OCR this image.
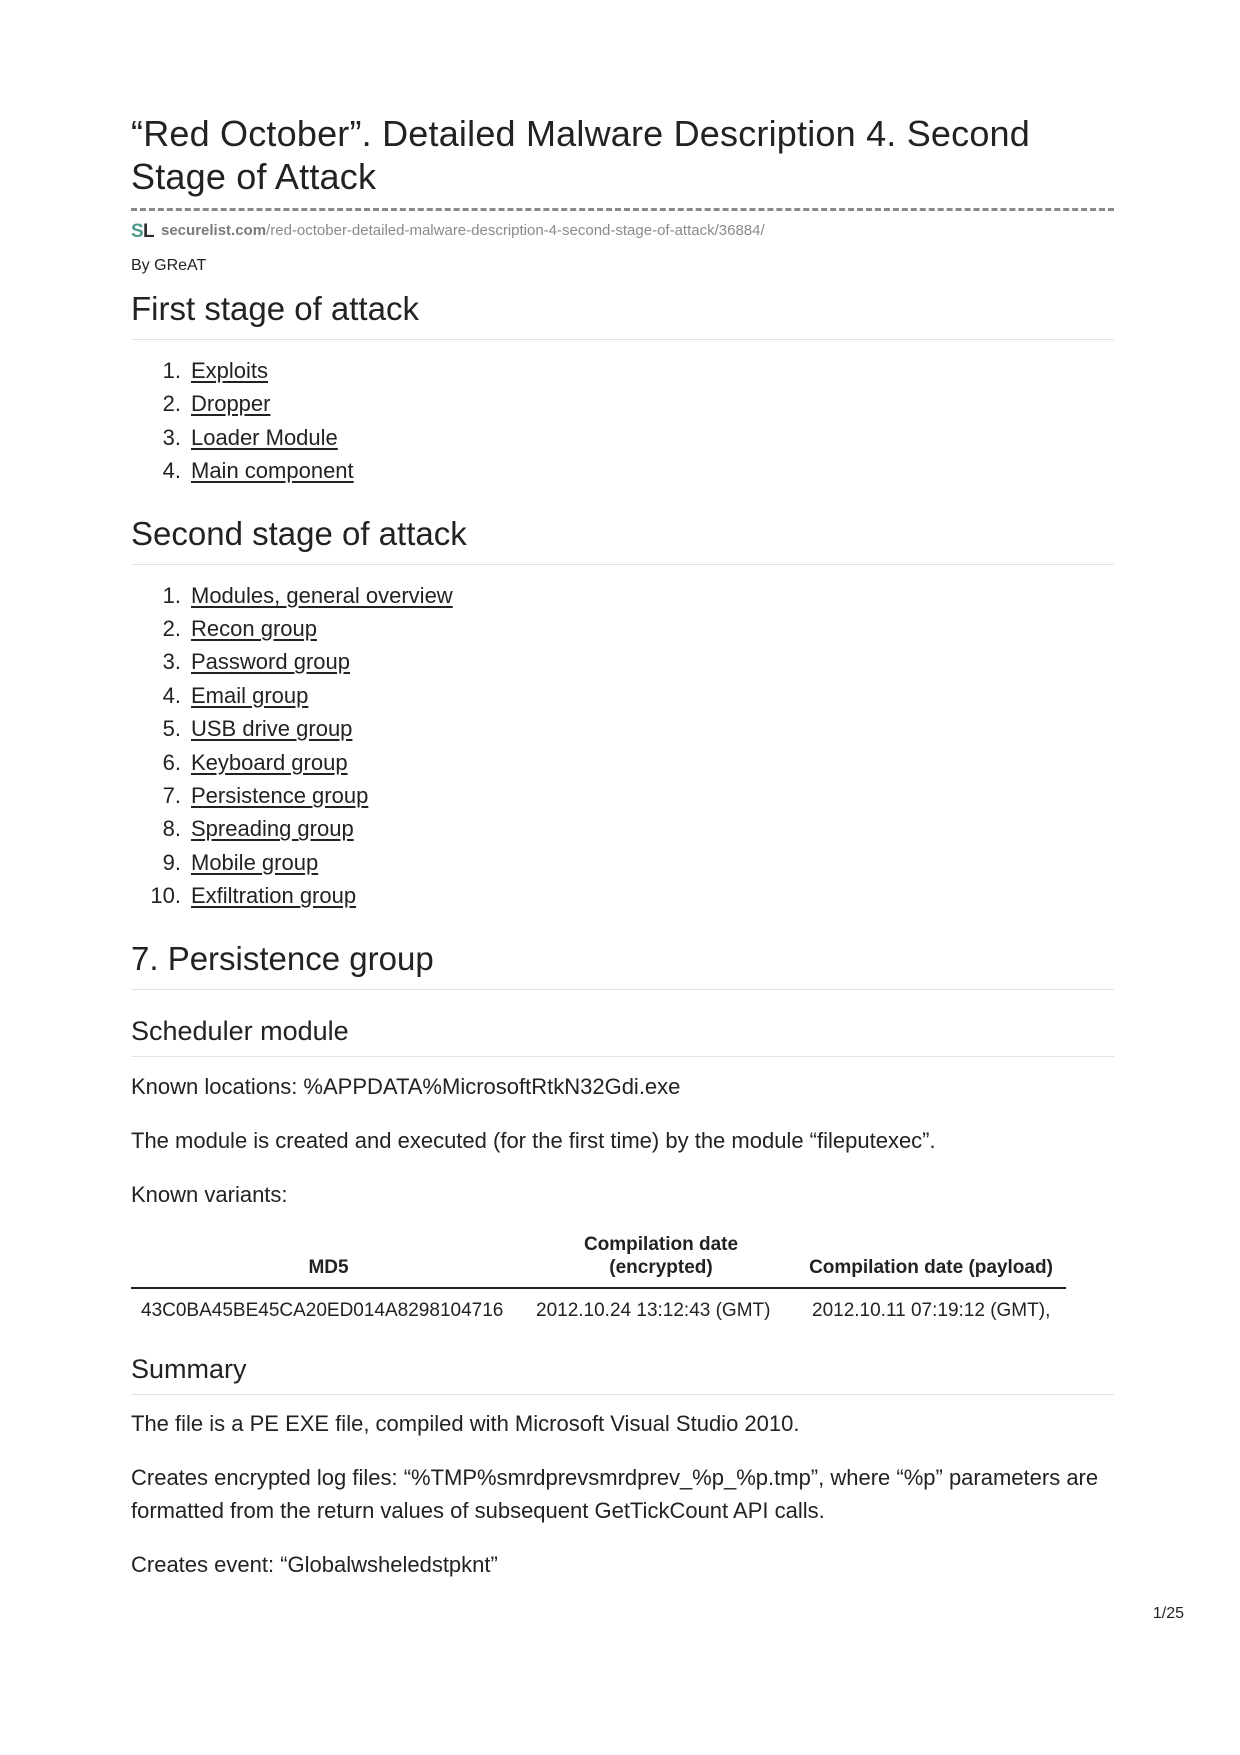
“Red October”. Detailed Malware Description 4. Second Stage of Attack
S L securelist.com /red-october-detailed-malware-description-4-second-stage-of-attack/36884/
By GReAT
First stage of attack
1. Exploits
2. Dropper
3. Loader Module
4. Main component
Second stage of attack
1. Modules, general overview
2. Recon group
3. Password group
4. Email group
5. USB drive group
6. Keyboard group
7. Persistence group
8. Spreading group
9. Mobile group
10. Exfiltration group
7. Persistence group
Scheduler module

Known locations: %APPDATA%MicrosoftRtkN32Gdi.exe

The module is created and executed (for the first time) by the module “fileputexec”.

Known variants:

MD5	Compilation date (encrypted)	Compilation date (payload)
43C0BA45BE45CA20ED014A8298104716	2012.10.24 13:12:43 (GMT)	2012.10.11 07:19:12 (GMT),
Summary

The file is a PE EXE file, compiled with Microsoft Visual Studio 2010.

Creates encrypted log files: “%TMP%smrdprevsmrdprev_%p_%p.tmp”, where “%p” parameters are formatted from the return values of subsequent GetTickCount API calls.

Creates event: “Globalwsheledstpknt”

1/25
